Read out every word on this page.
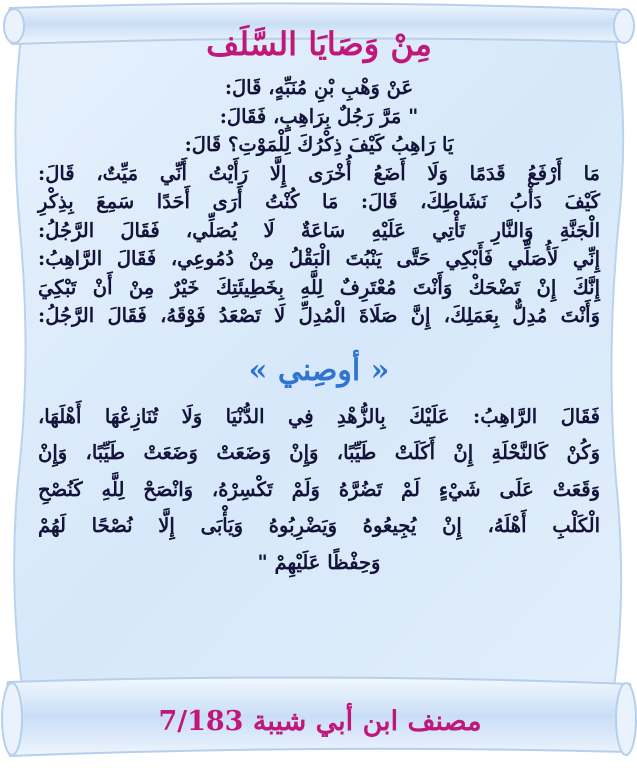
مِنْ وَصَايَا السَّلَف

عَنْ وَهْبِ بْنِ مُنَبِّهٍ، قَالَ:

" مَرَّ رَجُلٌ بِرَاهِبٍ، فَقَالَ:

يَا رَاهِبُ كَيْفَ ذِكْرُكَ لِلْمَوْتِ؟ قَالَ:

مَا أَرْفَعُ قَدَمًا وَلَا أَضَعُ أُخْرَى إِلَّا رَأَيْتُ أَنِّي مَيِّتٌ، قَالَ:

كَيْفَ دَأْبُ نَشَاطِكَ، قَالَ: مَا كُنْتُ أَرَى أَحَدًا سَمِعَ بِذِكْرِ

الْجَنَّةِ وَالنَّارِ تَأْتِي عَلَيْهِ سَاعَةٌ لَا يُصَلِّي، فَقَالَ الرَّجُلُ:

إِنِّي لَأُصَلِّي فَأَبْكِي حَتَّى يَنْبُتَ الْبَقْلُ مِنْ دُمُوعِي، فَقَالَ الرَّاهِبُ:

إِنَّكَ إِنْ تَضْحَكْ وَأَنْتَ مُعْتَرِفٌ لِلَّهِ بِخَطِيئَتِكَ خَيْرٌ مِنْ أَنْ تَبْكِيَ

وَأَنْتَ مُدِلٌّ بِعَمَلِكَ، إِنَّ صَلَاةَ الْمُدِلِّ لَا تَصْعَدُ فَوْقَهُ، فَقَالَ الرَّجُلُ:

« أوصِني »

فَقَالَ الرَّاهِبُ: عَلَيْكَ بِالزُّهْدِ فِي الدُّنْيَا وَلَا تُنَازِعْهَا أَهْلَهَا،

وَكُنْ كَالنَّحْلَةِ إِنْ أَكَلَتْ طَيِّبًا، وَإِنْ وَضَعَتْ وَضَعَتْ طَيِّبًا، وَإِنْ

وَقَعَتْ عَلَى شَيْءٍ لَمْ تَضُرَّهُ وَلَمْ تَكْسِرْهُ، وَانْصَحْ لِلَّهِ كَنُصْحِ

الْكَلْبِ أَهْلَهُ، إِنْ يُجِيعُوهُ وَيَضْرِبُوهُ وَيَأْبَى إِلَّا نُصْحًا لَهُمْ

وَحِفْظًا عَلَيْهِمْ "

مصنف ابن أبي شيبة 7/183
